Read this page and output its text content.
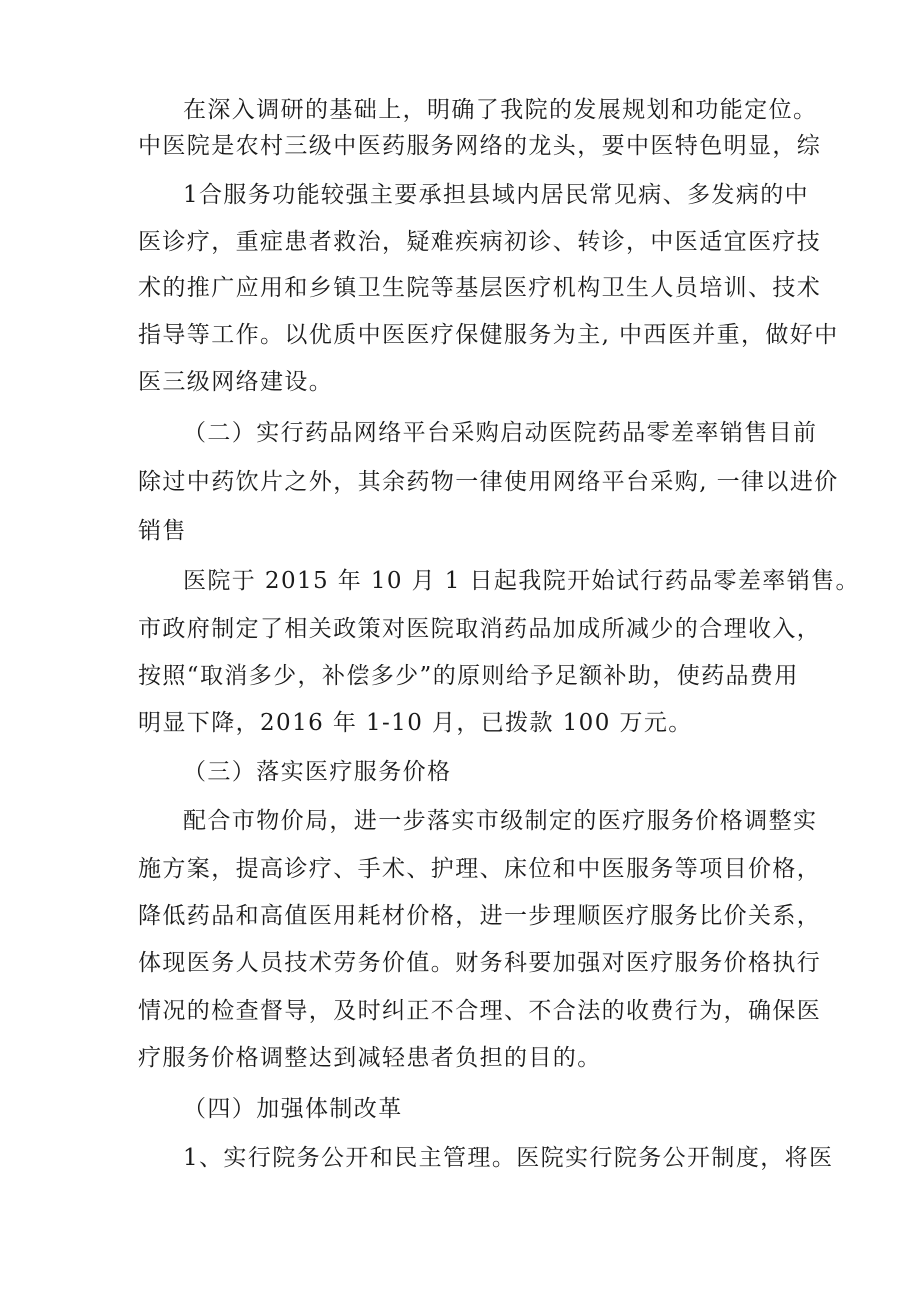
在深入调研的基础上，明确了我院的发展规划和功能定位。
中医院是农村三级中医药服务网络的龙头，要中医特色明显，综
1合服务功能较强主要承担县域内居民常见病、多发病的中
医诊疗，重症患者救治，疑难疾病初诊、转诊，中医适宜医疗技
术的推广应用和乡镇卫生院等基层医疗机构卫生人员培训、技术
指导等工作。以优质中医医疗保健服务为主, 中西医并重，做好中
医三级网络建设。
（二）实行药品网络平台采购启动医院药品零差率销售目前
除过中药饮片之外，其余药物一律使用网络平台采购, 一律以进价
销售
医院于 2015 年 10 月 1 日起我院开始试行药品零差率销售。
市政府制定了相关政策对医院取消药品加成所减少的合理收入，
按照“取消多少，补偿多少”的原则给予足额补助，使药品费用
明显下降，2016 年 1-10 月，已拨款 100 万元。
（三）落实医疗服务价格
配合市物价局，进一步落实市级制定的医疗服务价格调整实
施方案，提高诊疗、手术、护理、床位和中医服务等项目价格，
降低药品和高值医用耗材价格，进一步理顺医疗服务比价关系，
体现医务人员技术劳务价值。财务科要加强对医疗服务价格执行
情况的检查督导，及时纠正不合理、不合法的收费行为，确保医
疗服务价格调整达到减轻患者负担的目的。
（四）加强体制改革
1、实行院务公开和民主管理。医院实行院务公开制度，将医
